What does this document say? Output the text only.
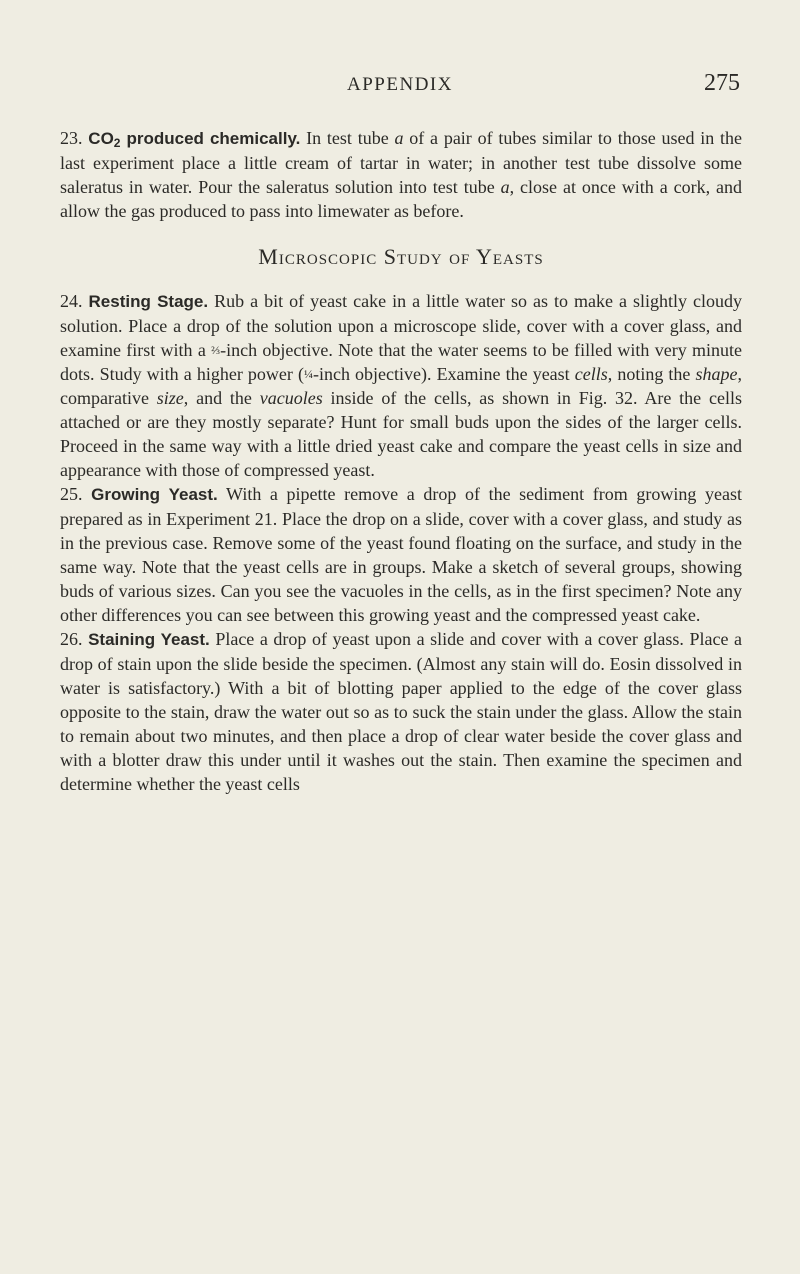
APPENDIX	275

23. $CO_2$ produced chemically. In test tube a of a pair of tubes similar to those used in the last experiment place a little cream of tartar in water; in another test tube dissolve some saleratus in water. Pour the saleratus solution into test tube a, close at once with a cork, and allow the gas produced to pass into limewater as before.

Microscopic Study of Yeasts

24. Resting Stage. Rub a bit of yeast cake in a little water so as to make a slightly cloudy solution. Place a drop of the solution upon a microscope slide, cover with a cover glass, and examine first with a ⅔-inch objective. Note that the water seems to be filled with very minute dots. Study with a higher power (¼-inch objective). Examine the yeast cells, noting the shape, comparative size, and the vacuoles inside of the cells, as shown in Fig. 32. Are the cells attached or are they mostly separate? Hunt for small buds upon the sides of the larger cells. Proceed in the same way with a little dried yeast cake and compare the yeast cells in size and appearance with those of compressed yeast.

25. Growing Yeast. With a pipette remove a drop of the sediment from growing yeast prepared as in Experiment 21. Place the drop on a slide, cover with a cover glass, and study as in the previous case. Remove some of the yeast found floating on the surface, and study in the same way. Note that the yeast cells are in groups. Make a sketch of several groups, showing buds of various sizes. Can you see the vacuoles in the cells, as in the first specimen? Note any other differences you can see between this growing yeast and the compressed yeast cake.

26. Staining Yeast. Place a drop of yeast upon a slide and cover with a cover glass. Place a drop of stain upon the slide beside the specimen. (Almost any stain will do. Eosin dissolved in water is satisfactory.) With a bit of blotting paper applied to the edge of the cover glass opposite to the stain, draw the water out so as to suck the stain under the glass. Allow the stain to remain about two minutes, and then place a drop of clear water beside the cover glass and with a blotter draw this under until it washes out the stain. Then examine the specimen and determine whether the yeast cells
